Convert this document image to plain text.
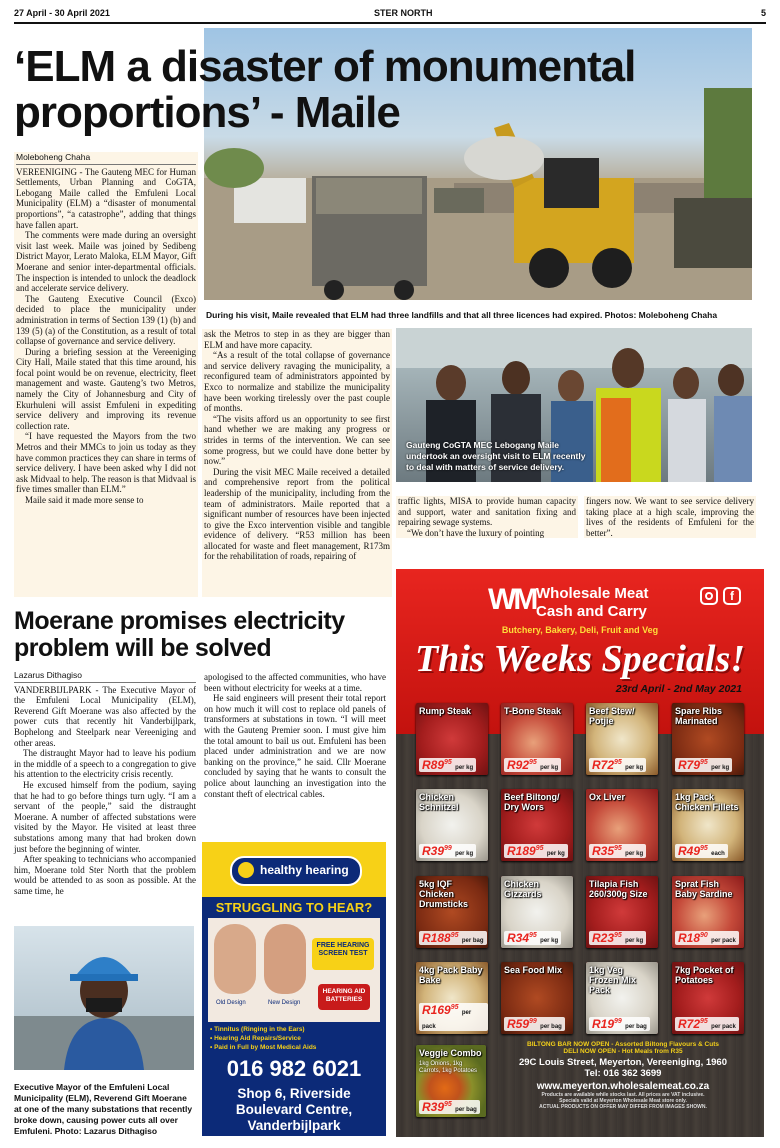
27 April - 30 April 2021	STER NORTH	5
‘ELM a disaster of monumental
proportions’ - Maile
Moleboheng Chaha

VEREENIGING - The Gauteng MEC for Human Settlements, Urban Planning and CoGTA, Lebogang Maile called the Emfuleni Local Municipality (ELM) a “disaster of monumental proportions”, “a catastrophe”, adding that things have fallen apart.

The comments were made during an oversight visit last week. Maile was joined by Sedibeng District Mayor, Lerato Maloka, ELM Mayor, Gift Moerane and senior inter-departmental officials. The inspection is intended to unlock the deadlock and accelerate service delivery.

The Gauteng Executive Council (Exco) decided to place the municipality under administration in terms of Section 139 (1) (b) and 139 (5) (a) of the Constitution, as a result of total collapse of governance and service delivery.

During a briefing session at the Vereeniging City Hall, Maile stated that this time around, his focal point would be on revenue, electricity, fleet management and waste. Gauteng’s two Metros, namely the City of Johannesburg and City of Ekurhuleni will assist Emfuleni in expediting service delivery and improving its revenue collection rate.

“I have requested the Mayors from the two Metros and their MMCs to join us today as they have common practices they can share in terms of service delivery. I have been asked why I did not ask Midvaal to help. The reason is that Midvaal is five times smaller than ELM.”

Maile said it made more sense to

During his visit, Maile revealed that ELM had three landfills and that all three licences had expired. Photos: Moleboheng Chaha

ask the Metros to step in as they are bigger than ELM and have more capacity.

“As a result of the total collapse of governance and service delivery ravaging the municipality, a reconfigured team of administrators appointed by Exco to normalize and stabilize the municipality have been working tirelessly over the past couple of months.

“The visits afford us an opportunity to see first hand whether we are making any progress or strides in terms of the intervention. We can see some progress, but we could have done better by now.”

During the visit MEC Maile received a detailed and comprehensive report from the political leadership of the municipality, including from the team of administrators. Maile reported that a significant number of resources have been injected to give the Exco intervention visible and tangible evidence of delivery. “R53 million has been allocated for waste and fleet management, R173m for the rehabilitation of roads, repairing of

Gauteng CoGTA MEC Lebogang Maile undertook an oversight visit to ELM recently to deal with matters of service delivery.

traffic lights, MISA to provide human capacity and support, water and sanitation fixing and repairing sewage systems.

“We don’t have the luxury of pointing

fingers now. We want to see service delivery taking place at a high scale, improving the lives of the residents of Emfuleni for the better”.

Moerane promises electricity
problem will be solved
Lazarus Dithagiso

VANDERBIJLPARK - The Executive Mayor of the Emfuleni Local Municipality (ELM), Reverend Gift Moerane was also affected by the power cuts that recently hit Vanderbijlpark, Bophelong and Steelpark near Vereeniging and other areas.

The distraught Mayor had to leave his podium in the middle of a speech to a congregation to give his attention to the electricity crisis recently.

He excused himself from the podium, saying that he had to go before things turn ugly. “I am a servant of the people,” said the distraught Moerane. A number of affected substations were visited by the Mayor. He visited at least three substations among many that had broken down just before the beginning of winter.

After speaking to technicians who accompanied him, Moerane told Ster North that the problem would be attended to as soon as possible. At the same time, he

apologised to the affected communities, who have been without electricity for weeks at a time.

He said engineers will present their total report on how much it will cost to replace old panels of transformers at substations in town. “I will meet with the Gauteng Premier soon. I must give him the total amount to bail us out. Emfuleni has been placed under administration and we are now banking on the province,” he said. Cllr Moerane concluded by saying that he wants to consult the police about launching an investigation into the constant theft of electrical cables.

Executive Mayor of the Emfuleni Local Municipality (ELM), Reverend Gift Moerane at one of the many substations that recently broke down, causing power cuts all over Emfuleni. Photo: Lazarus Dithagiso
healthy hearing
STRUGGLING TO HEAR?
Old Design	New Design
FREE HEARING SCREEN TEST
HEARING AID BATTERIES
• Tinnitus (Ringing in the Ears)
• Hearing Aid Repairs/Service
• Paid in Full by Most Medical Aids
016 982 6021
Shop 6, Riverside
Boulevard Centre,
Vanderbijlpark
WM Wholesale Meat
Cash and Carry
f
Butchery, Bakery, Deli, Fruit and Veg
This Weeks Specials!
23rd April - 2nd May 2021
Rump Steak
$R89^{95}$ per kg
T-Bone Steak
$R92^{95}$ per kg
Beef Stew/ Potjie
$R72^{95}$ per kg
Spare Ribs Marinated
$R79^{95}$ per kg
Chicken Schnitzel
$R39^{99}$ per kg
Beef Biltong/ Dry Wors
$R189^{95}$ per kg
Ox Liver
$R35^{95}$ per kg
1kg Pack Chicken Fillets
$R49^{95}$ each
5kg IQF Chicken Drumsticks
$R188^{95}$ per bag
Chicken Gizzards
$R34^{95}$ per kg
Tilapia Fish 260/300g Size
$R23^{95}$ per kg
Sprat Fish Baby Sardine
$R18^{90}$ per pack
4kg Pack Baby Bake
$R169^{95}$ per pack
Sea Food Mix
$R59^{99}$ per bag
1kg Veg Frozen Mix Pack
$R19^{99}$ per bag
7kg Pocket of Potatoes
$R72^{95}$ per pack
Veggie Combo
1kg Onions, 1kg Carrots, 1kg Potatoes
$R39^{95}$ per bag
BILTONG BAR NOW OPEN - Assorted Biltong Flavours & Cuts
DELI NOW OPEN - Hot Meals from R35
29C Louis Street, Meyerton, Vereeniging, 1960
Tel: 016 362 3699
www.meyerton.wholesalemeat.co.za
Products are available while stocks last. All prices are VAT inclusive.
Specials valid at Meyerton Wholesale Meat store only.
ACTUAL PRODUCTS ON OFFER MAY DIFFER FROM IMAGES SHOWN.
